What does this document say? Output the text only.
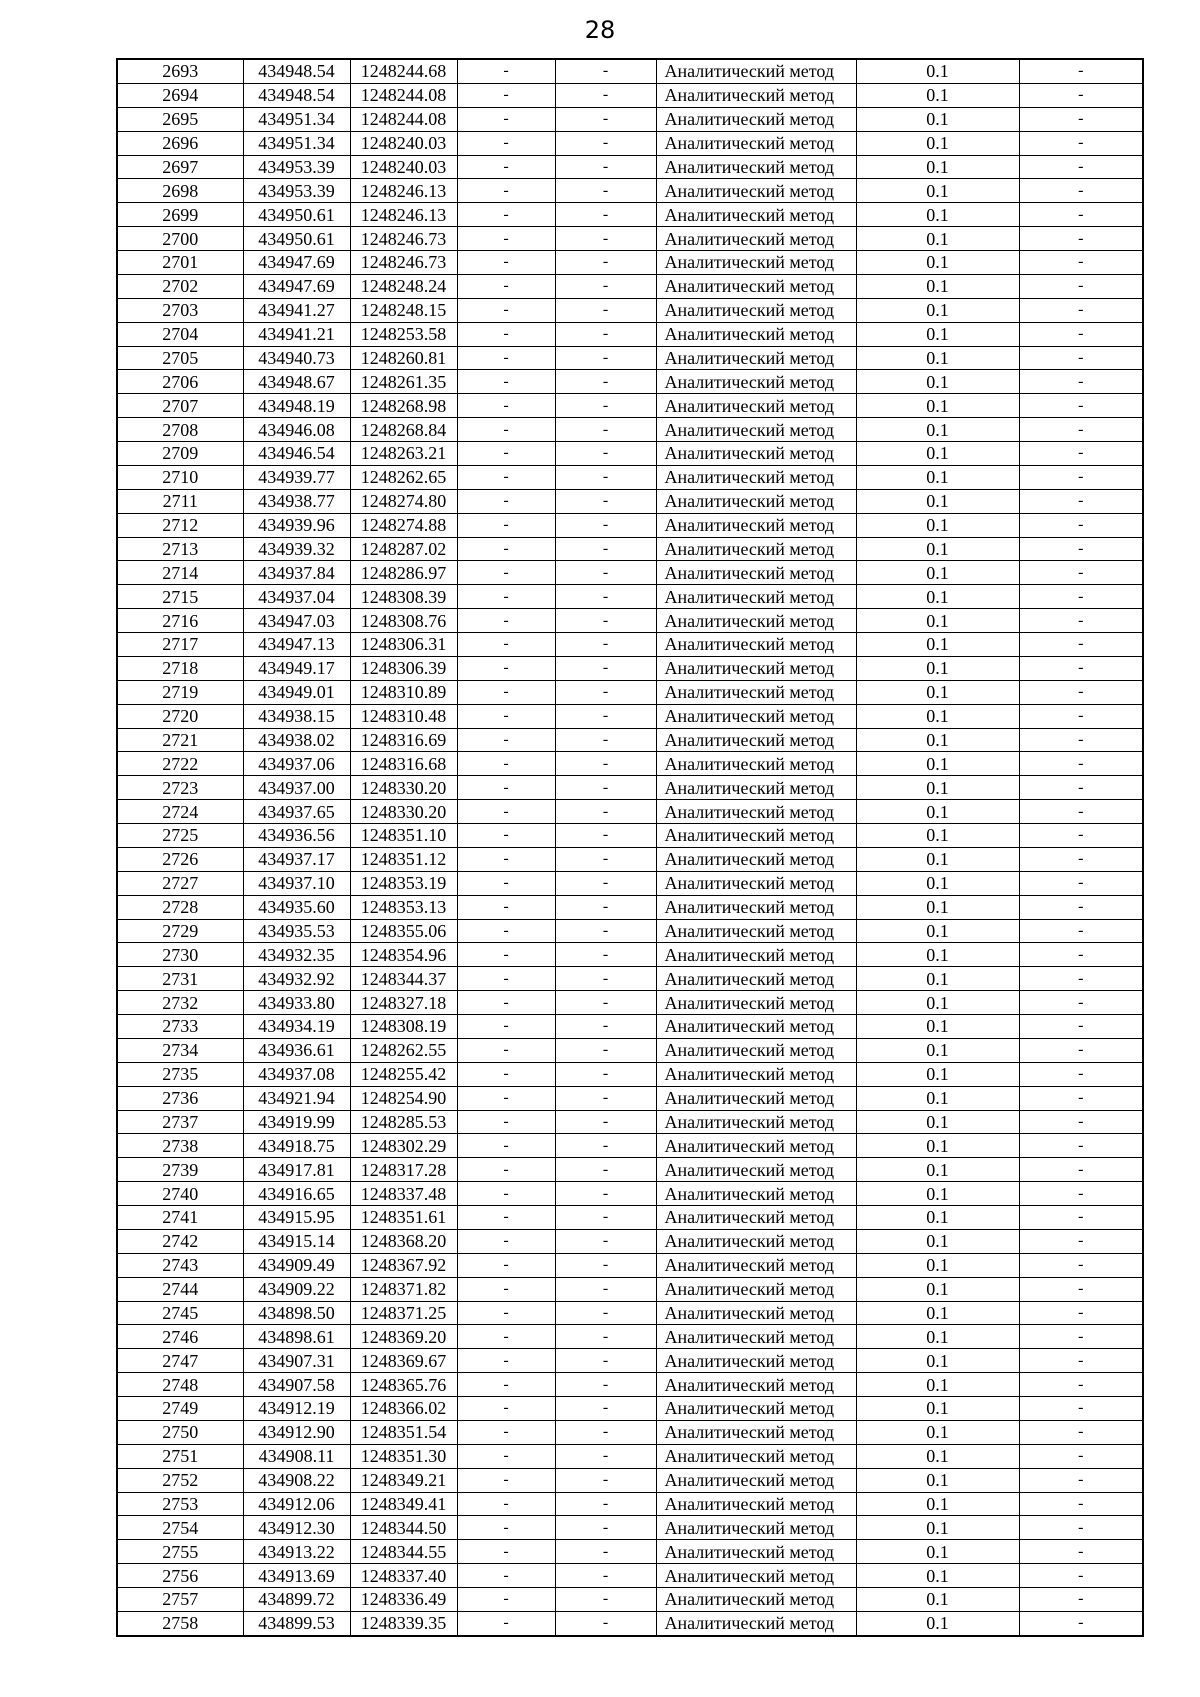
28
2693	434948.54	1248244.68	-	-	Аналитический метод	0.1	-
2694	434948.54	1248244.08	-	-	Аналитический метод	0.1	-
2695	434951.34	1248244.08	-	-	Аналитический метод	0.1	-
2696	434951.34	1248240.03	-	-	Аналитический метод	0.1	-
2697	434953.39	1248240.03	-	-	Аналитический метод	0.1	-
2698	434953.39	1248246.13	-	-	Аналитический метод	0.1	-
2699	434950.61	1248246.13	-	-	Аналитический метод	0.1	-
2700	434950.61	1248246.73	-	-	Аналитический метод	0.1	-
2701	434947.69	1248246.73	-	-	Аналитический метод	0.1	-
2702	434947.69	1248248.24	-	-	Аналитический метод	0.1	-
2703	434941.27	1248248.15	-	-	Аналитический метод	0.1	-
2704	434941.21	1248253.58	-	-	Аналитический метод	0.1	-
2705	434940.73	1248260.81	-	-	Аналитический метод	0.1	-
2706	434948.67	1248261.35	-	-	Аналитический метод	0.1	-
2707	434948.19	1248268.98	-	-	Аналитический метод	0.1	-
2708	434946.08	1248268.84	-	-	Аналитический метод	0.1	-
2709	434946.54	1248263.21	-	-	Аналитический метод	0.1	-
2710	434939.77	1248262.65	-	-	Аналитический метод	0.1	-
2711	434938.77	1248274.80	-	-	Аналитический метод	0.1	-
2712	434939.96	1248274.88	-	-	Аналитический метод	0.1	-
2713	434939.32	1248287.02	-	-	Аналитический метод	0.1	-
2714	434937.84	1248286.97	-	-	Аналитический метод	0.1	-
2715	434937.04	1248308.39	-	-	Аналитический метод	0.1	-
2716	434947.03	1248308.76	-	-	Аналитический метод	0.1	-
2717	434947.13	1248306.31	-	-	Аналитический метод	0.1	-
2718	434949.17	1248306.39	-	-	Аналитический метод	0.1	-
2719	434949.01	1248310.89	-	-	Аналитический метод	0.1	-
2720	434938.15	1248310.48	-	-	Аналитический метод	0.1	-
2721	434938.02	1248316.69	-	-	Аналитический метод	0.1	-
2722	434937.06	1248316.68	-	-	Аналитический метод	0.1	-
2723	434937.00	1248330.20	-	-	Аналитический метод	0.1	-
2724	434937.65	1248330.20	-	-	Аналитический метод	0.1	-
2725	434936.56	1248351.10	-	-	Аналитический метод	0.1	-
2726	434937.17	1248351.12	-	-	Аналитический метод	0.1	-
2727	434937.10	1248353.19	-	-	Аналитический метод	0.1	-
2728	434935.60	1248353.13	-	-	Аналитический метод	0.1	-
2729	434935.53	1248355.06	-	-	Аналитический метод	0.1	-
2730	434932.35	1248354.96	-	-	Аналитический метод	0.1	-
2731	434932.92	1248344.37	-	-	Аналитический метод	0.1	-
2732	434933.80	1248327.18	-	-	Аналитический метод	0.1	-
2733	434934.19	1248308.19	-	-	Аналитический метод	0.1	-
2734	434936.61	1248262.55	-	-	Аналитический метод	0.1	-
2735	434937.08	1248255.42	-	-	Аналитический метод	0.1	-
2736	434921.94	1248254.90	-	-	Аналитический метод	0.1	-
2737	434919.99	1248285.53	-	-	Аналитический метод	0.1	-
2738	434918.75	1248302.29	-	-	Аналитический метод	0.1	-
2739	434917.81	1248317.28	-	-	Аналитический метод	0.1	-
2740	434916.65	1248337.48	-	-	Аналитический метод	0.1	-
2741	434915.95	1248351.61	-	-	Аналитический метод	0.1	-
2742	434915.14	1248368.20	-	-	Аналитический метод	0.1	-
2743	434909.49	1248367.92	-	-	Аналитический метод	0.1	-
2744	434909.22	1248371.82	-	-	Аналитический метод	0.1	-
2745	434898.50	1248371.25	-	-	Аналитический метод	0.1	-
2746	434898.61	1248369.20	-	-	Аналитический метод	0.1	-
2747	434907.31	1248369.67	-	-	Аналитический метод	0.1	-
2748	434907.58	1248365.76	-	-	Аналитический метод	0.1	-
2749	434912.19	1248366.02	-	-	Аналитический метод	0.1	-
2750	434912.90	1248351.54	-	-	Аналитический метод	0.1	-
2751	434908.11	1248351.30	-	-	Аналитический метод	0.1	-
2752	434908.22	1248349.21	-	-	Аналитический метод	0.1	-
2753	434912.06	1248349.41	-	-	Аналитический метод	0.1	-
2754	434912.30	1248344.50	-	-	Аналитический метод	0.1	-
2755	434913.22	1248344.55	-	-	Аналитический метод	0.1	-
2756	434913.69	1248337.40	-	-	Аналитический метод	0.1	-
2757	434899.72	1248336.49	-	-	Аналитический метод	0.1	-
2758	434899.53	1248339.35	-	-	Аналитический метод	0.1	-
